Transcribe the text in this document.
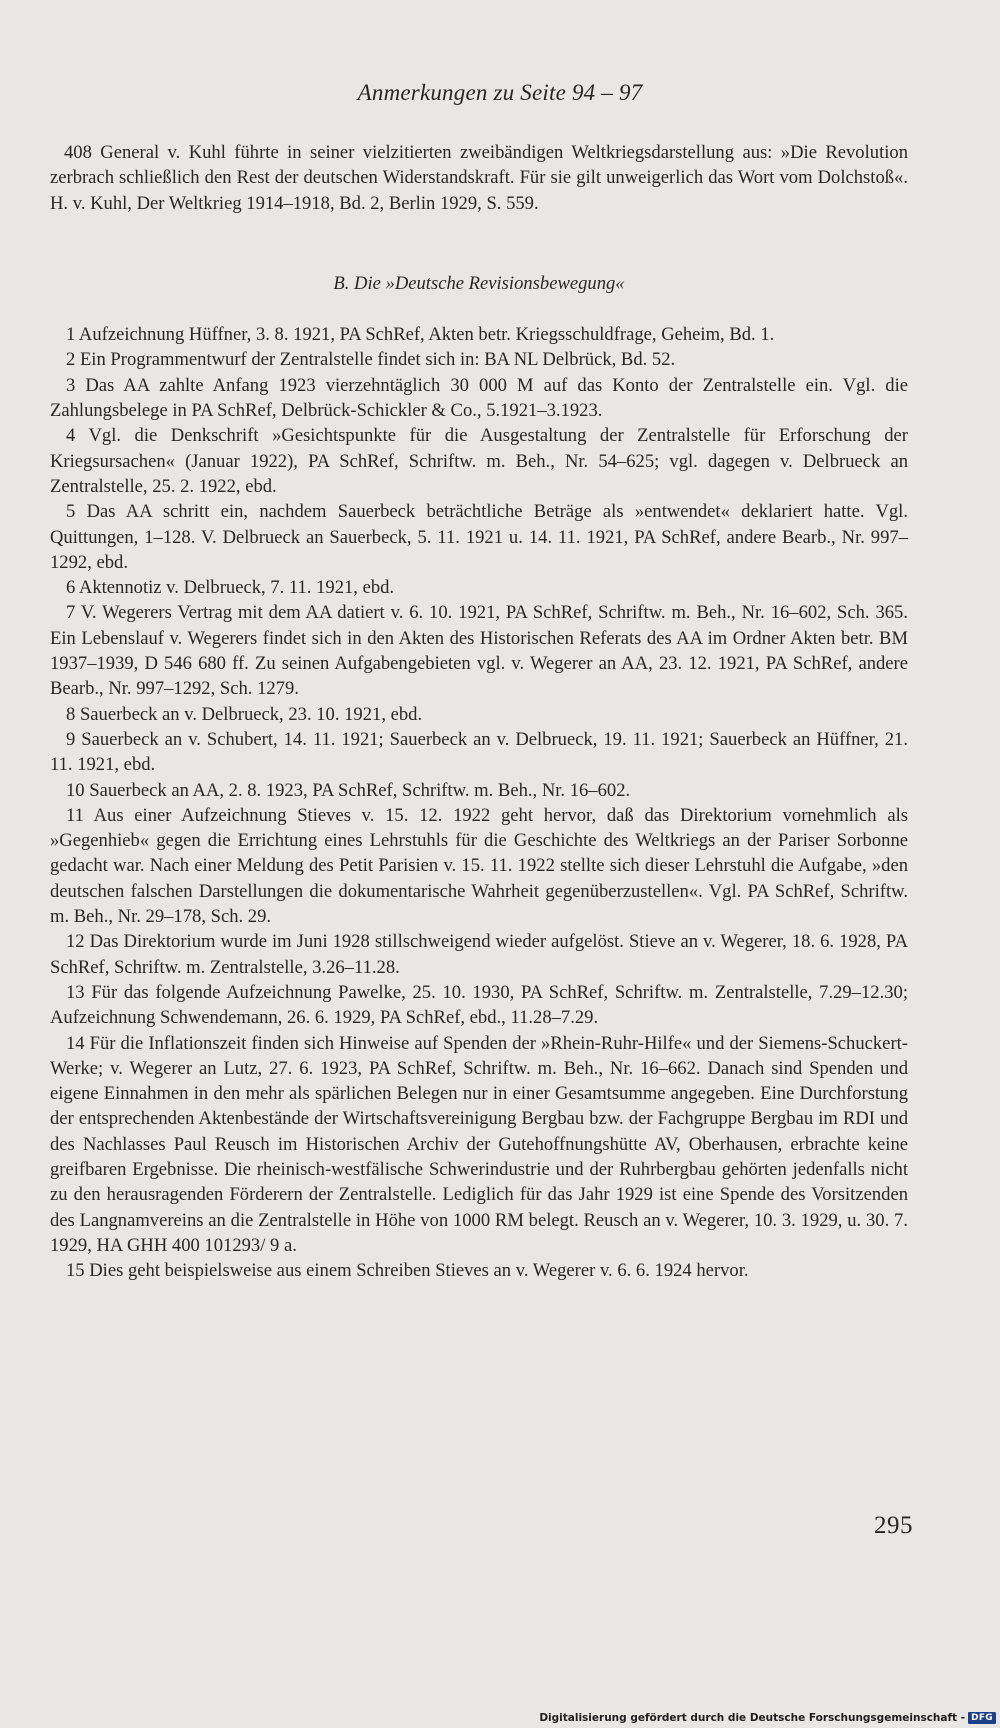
Anmerkungen zu Seite 94 – 97

408 General v. Kuhl führte in seiner vielzitierten zweibändigen Weltkriegsdarstellung aus: »Die Revolution zerbrach schließlich den Rest der deutschen Widerstandskraft. Für sie gilt unweigerlich das Wort vom Dolchstoß«. H. v. Kuhl, Der Weltkrieg 1914–1918, Bd. 2, Berlin 1929, S. 559.

B. Die »Deutsche Revisionsbewegung«

1 Aufzeichnung Hüffner, 3. 8. 1921, PA SchRef, Akten betr. Kriegsschuldfrage, Geheim, Bd. 1.

2 Ein Programmentwurf der Zentralstelle findet sich in: BA NL Delbrück, Bd. 52.

3 Das AA zahlte Anfang 1923 vierzehntäglich 30 000 M auf das Konto der Zentralstelle ein. Vgl. die Zahlungsbelege in PA SchRef, Delbrück-Schickler & Co., 5.1921–3.1923.

4 Vgl. die Denkschrift »Gesichtspunkte für die Ausgestaltung der Zentralstelle für Erforschung der Kriegsursachen« (Januar 1922), PA SchRef, Schriftw. m. Beh., Nr. 54–625; vgl. dagegen v. Delbrueck an Zentralstelle, 25. 2. 1922, ebd.

5 Das AA schritt ein, nachdem Sauerbeck beträchtliche Beträge als »entwendet« deklariert hatte. Vgl. Quittungen, 1–128. V. Delbrueck an Sauerbeck, 5. 11. 1921 u. 14. 11. 1921, PA SchRef, andere Bearb., Nr. 997–1292, ebd.

6 Aktennotiz v. Delbrueck, 7. 11. 1921, ebd.

7 V. Wegerers Vertrag mit dem AA datiert v. 6. 10. 1921, PA SchRef, Schriftw. m. Beh., Nr. 16–602, Sch. 365. Ein Lebenslauf v. Wegerers findet sich in den Akten des Historischen Referats des AA im Ordner Akten betr. BM 1937–1939, D 546 680 ff. Zu seinen Aufgabengebieten vgl. v. Wegerer an AA, 23. 12. 1921, PA SchRef, andere Bearb., Nr. 997–1292, Sch. 1279.

8 Sauerbeck an v. Delbrueck, 23. 10. 1921, ebd.

9 Sauerbeck an v. Schubert, 14. 11. 1921; Sauerbeck an v. Delbrueck, 19. 11. 1921; Sauerbeck an Hüffner, 21. 11. 1921, ebd.

10 Sauerbeck an AA, 2. 8. 1923, PA SchRef, Schriftw. m. Beh., Nr. 16–602.

11 Aus einer Aufzeichnung Stieves v. 15. 12. 1922 geht hervor, daß das Direktorium vornehmlich als »Gegenhieb« gegen die Errichtung eines Lehrstuhls für die Geschichte des Weltkriegs an der Pariser Sorbonne gedacht war. Nach einer Meldung des Petit Parisien v. 15. 11. 1922 stellte sich dieser Lehrstuhl die Aufgabe, »den deutschen falschen Darstellungen die dokumentarische Wahrheit gegenüberzustellen«. Vgl. PA SchRef, Schriftw. m. Beh., Nr. 29–178, Sch. 29.

12 Das Direktorium wurde im Juni 1928 stillschweigend wieder aufgelöst. Stieve an v. Wegerer, 18. 6. 1928, PA SchRef, Schriftw. m. Zentralstelle, 3.26–11.28.

13 Für das folgende Aufzeichnung Pawelke, 25. 10. 1930, PA SchRef, Schriftw. m. Zentralstelle, 7.29–12.30; Aufzeichnung Schwendemann, 26. 6. 1929, PA SchRef, ebd., 11.28–7.29.

14 Für die Inflationszeit finden sich Hinweise auf Spenden der »Rhein-Ruhr-Hilfe« und der Siemens-Schuckert-Werke; v. Wegerer an Lutz, 27. 6. 1923, PA SchRef, Schriftw. m. Beh., Nr. 16–662. Danach sind Spenden und eigene Einnahmen in den mehr als spärlichen Belegen nur in einer Gesamtsumme angegeben. Eine Durchforstung der entsprechenden Aktenbestände der Wirtschaftsvereinigung Bergbau bzw. der Fachgruppe Bergbau im RDI und des Nachlasses Paul Reusch im Historischen Archiv der Gutehoffnungshütte AV, Oberhausen, erbrachte keine greifbaren Ergebnisse. Die rheinisch-westfälische Schwerindustrie und der Ruhrbergbau gehörten jedenfalls nicht zu den herausragenden Förderern der Zentralstelle. Lediglich für das Jahr 1929 ist eine Spende des Vorsitzenden des Langnamvereins an die Zentralstelle in Höhe von 1000 RM belegt. Reusch an v. Wegerer, 10. 3. 1929, u. 30. 7. 1929, HA GHH 400 101293/ 9 a.

15 Dies geht beispielsweise aus einem Schreiben Stieves an v. Wegerer v. 6. 6. 1924 hervor.

295
Digitalisierung gefördert durch die Deutsche Forschungsgemeinschaft - DFG
